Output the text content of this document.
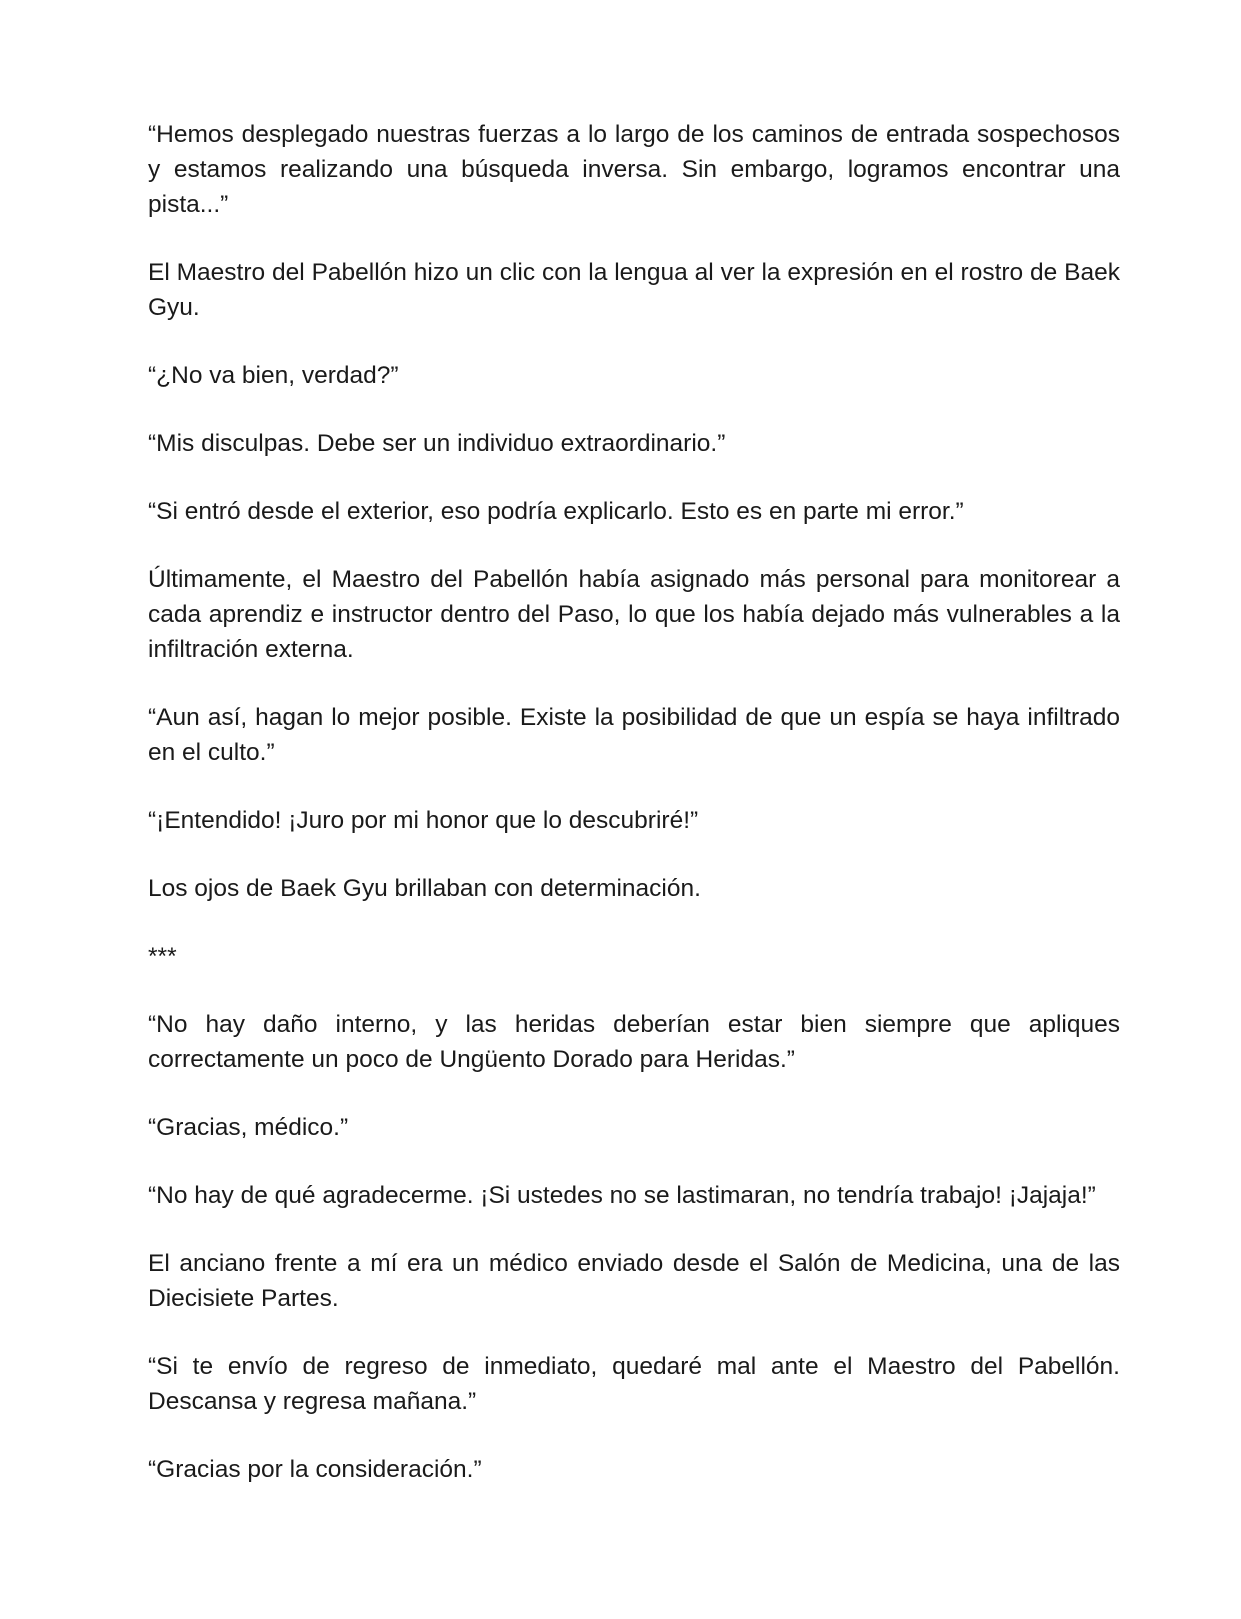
“Hemos desplegado nuestras fuerzas a lo largo de los caminos de entrada sospechosos y estamos realizando una búsqueda inversa. Sin embargo, logramos encontrar una pista...”

El Maestro del Pabellón hizo un clic con la lengua al ver la expresión en el rostro de Baek Gyu.

“¿No va bien, verdad?”

“Mis disculpas. Debe ser un individuo extraordinario.”

“Si entró desde el exterior, eso podría explicarlo. Esto es en parte mi error.”

Últimamente, el Maestro del Pabellón había asignado más personal para monitorear a cada aprendiz e instructor dentro del Paso, lo que los había dejado más vulnerables a la infiltración externa.

“Aun así, hagan lo mejor posible. Existe la posibilidad de que un espía se haya infiltrado en el culto.”

“¡Entendido! ¡Juro por mi honor que lo descubriré!”

Los ojos de Baek Gyu brillaban con determinación.

***

“No hay daño interno, y las heridas deberían estar bien siempre que apliques correctamente un poco de Ungüento Dorado para Heridas.”

“Gracias, médico.”

“No hay de qué agradecerme. ¡Si ustedes no se lastimaran, no tendría trabajo! ¡Jajaja!”

El anciano frente a mí era un médico enviado desde el Salón de Medicina, una de las Diecisiete Partes.

“Si te envío de regreso de inmediato, quedaré mal ante el Maestro del Pabellón. Descansa y regresa mañana.”

“Gracias por la consideración.”
